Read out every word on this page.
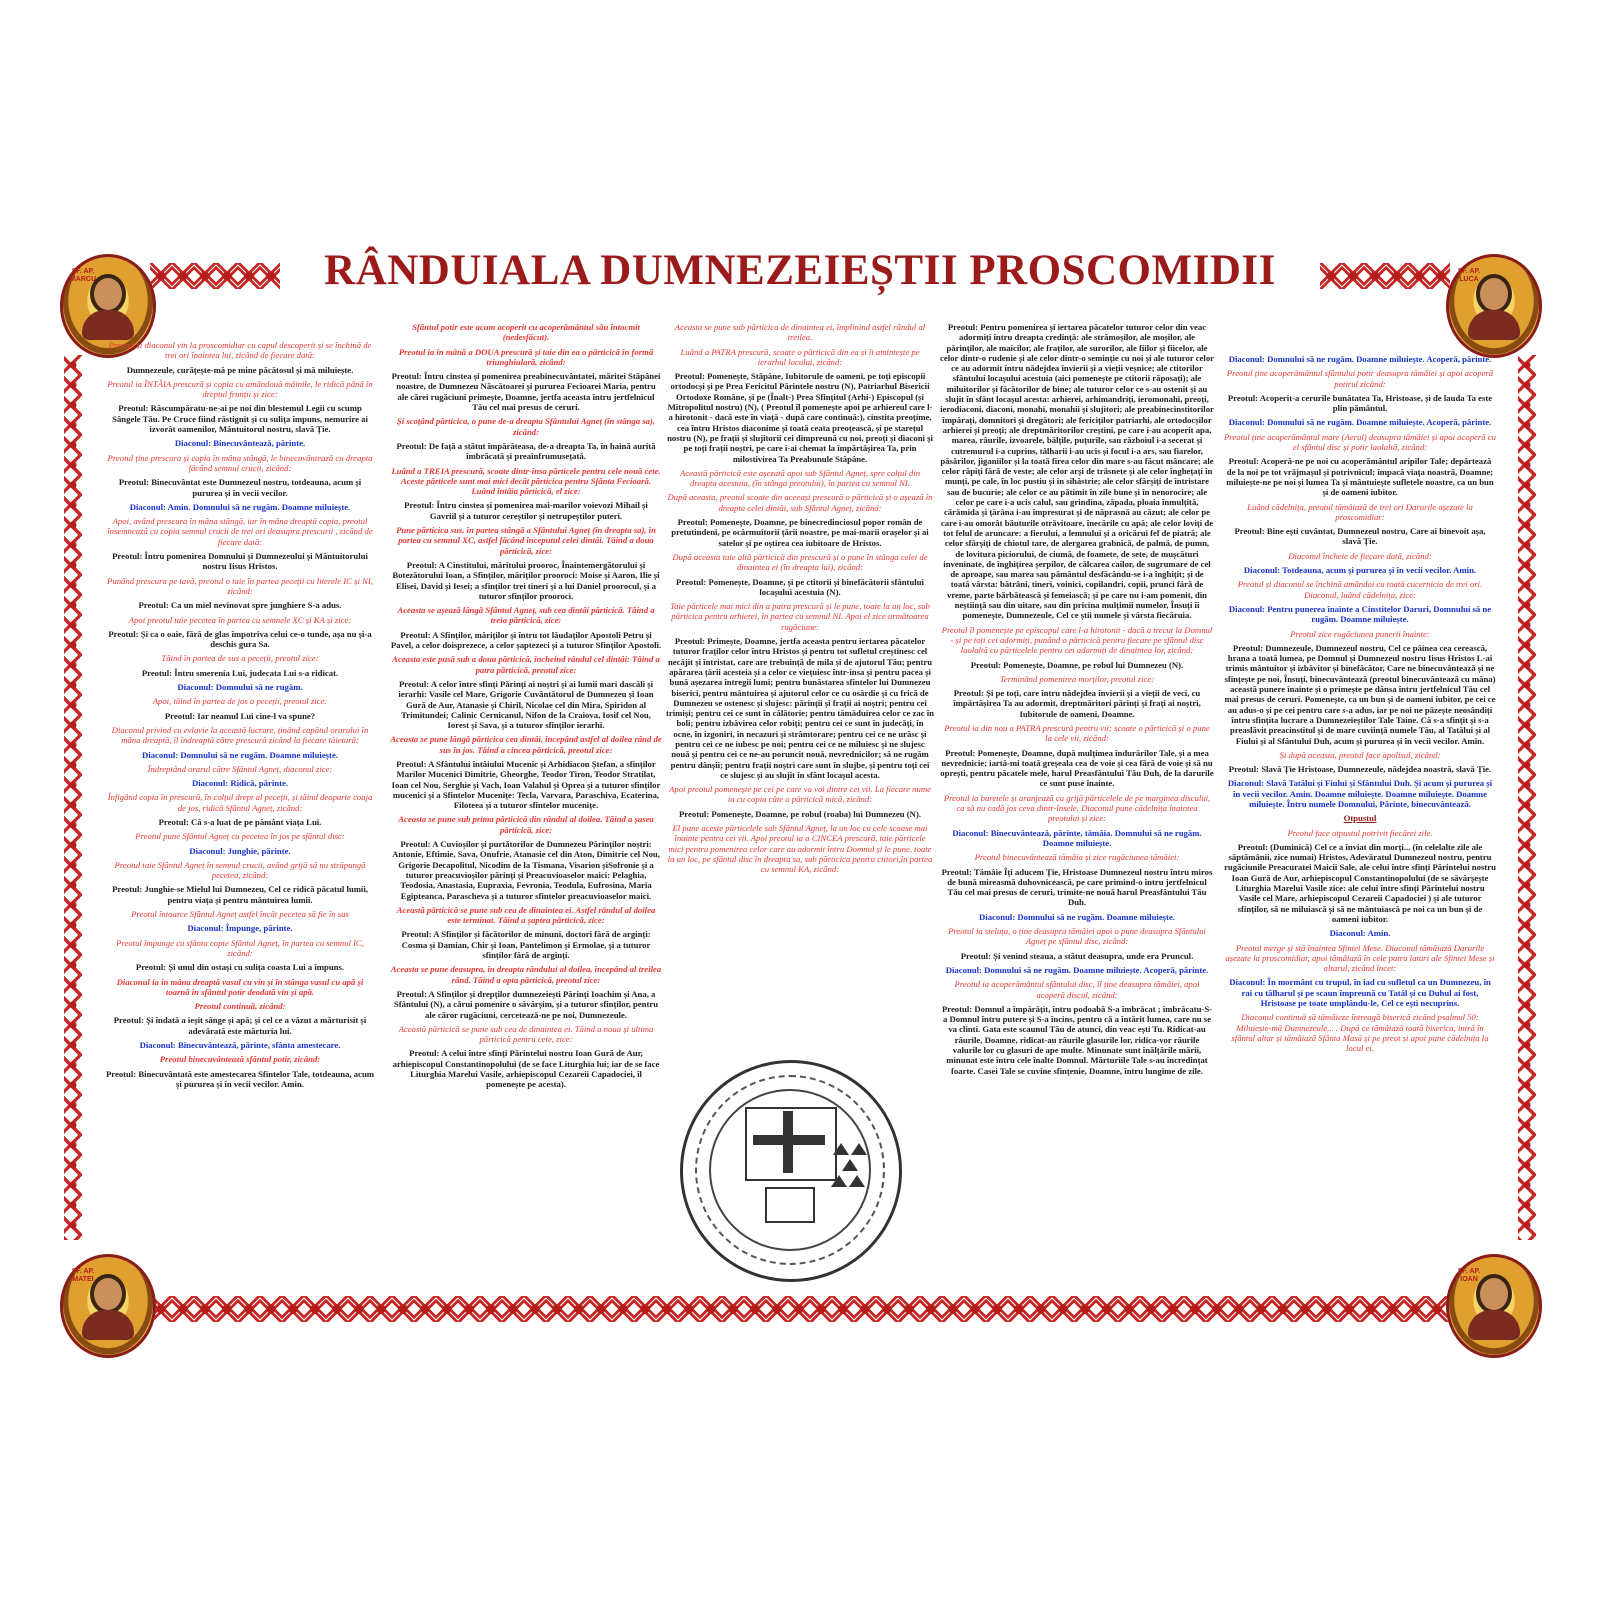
SF. AP. MARCU
SF. AP. LUCA
SF. AP. MATEI
SF. AP. IOAN
RÂNDUIALA DUMNEZEIEȘTII PROSCOMIDII

Preotul și diaconul vin la proscomidiar cu capul descoperit și se închină de trei ori înaintea lui, zicând de fiecare dată:

Dumnezeule, curățește-mă pe mine păcătosul și mă miluiește.

Preotul ia ÎNTÂIA prescură și copia cu amândouă mâinile, le ridică până în dreptul frunții și zice:

Preotul: Răscumpăratu-ne-ai pe noi din blestemul Legii cu scump Sângele Tău. Pe Cruce fiind răstignit și cu sulița împuns, nemurire ai izvorât oamenilor, Mântuitorul nostru, slavă Ție.

Diaconul: Binecuvântează, părinte.

Preotul ține prescura și copia în mâna stângă, le binecuvântează cu dreapta făcând semnul crucii, zicând:

Preotul: Binecuvântat este Dumnezeul nostru, totdeauna, acum și pururea și în vecii vecilor.

Diaconul: Amin. Domnului să ne rugăm. Doamne miluiește.

Apoi, având prescura în mâna stângă, iar în mâna dreaptă copia, preotul însemnează cu copia semnul crucii de trei ori deasupra prescurii , zicând de fiecare dată:

Preotul: Întru pomenirea Domnului și Dumnezeului și Mântuitorului nostru Iisus Hristos.

Punând prescura pe tavă, preotul o taie în partea peceții cu literele IC și NI, zicând:

Preotul: Ca un miel nevinovat spre junghiere S-a adus.

Apoi preotul taie pecetea în partea cu semnele XC și KA și zice:

Preotul: Și ca o oaie, fără de glas împotriva celui ce-o tunde, așa nu și-a deschis gura Sa.

Tăind în partea de sus a peceții, preotul zice:

Preotul: Întru smerenia Lui, judecata Lui s-a ridicat.

Diaconul: Domnului să ne rugăm.

Apoi, tăind în partea de jos a peceții, preotul zice:

Preotul: Iar neamul Lui cine-l va spune?

Diaconul privind cu evlavie la această lucrare, ținând capătul orarului în mâna dreaptă, îl îndreaptă către prescură zicând la fiecare tăietură:

Diaconul: Domnului să ne rugăm. Doamne miluiește.

Îndreptând orarul către Sfântul Agneț, diaconul zice:

Diaconul: Ridică, părinte.

Înfigând copia în prescură, în colțul drept al peceții, și tăind deoparte coaja de jos, ridică Sfântul Agneț, zicând:

Preotul: Că s-a luat de pe pământ viața Lui.

Preotul pune Sfântul Agneț cu pecetea în jos pe sfântul disc:

Diaconul: Junghie, părinte.

Preotul taie Sfântul Agneț în semnul crucii, având grijă să nu străpungă pecetea, zicând:

Preotul: Junghie-se Mielul lui Dumnezeu, Cel ce ridică păcatul lumii, pentru viața și pentru mântuirea lumii.

Preotul întoarce Sfântul Agneț astfel încât pecetea să fie în sus

Diaconul: Împunge, părinte.

Preotul împunge cu sfânta copie Sfântul Agneț, în partea cu semnul IC, zicând:

Preotul: Și unul din ostași cu sulița coasta Lui a împuns.

Diaconul ia în mâna dreaptă vasul cu vin și în stânga vasul cu apă și toarnă în sfântul potir deodată vin și apă.

Preotul continuă, zicând:

Preotul: Și îndată a ieșit sânge și apă; și cel ce a văzut a mărturisit și adevărată este mărturia lui.

Diaconul: Binecuvântează, părinte, sfânta amestecare.

Preotul binecuvântează sfântul potir, zicând:

Preotul: Binecuvântată este amestecarea Sfintelor Tale, totdeauna, acum și pururea și în vecii vecilor. Amin.

Sfântul potir este acum acoperit cu acoperământul său întocmit (nedesfăcut).

Preotul ia în mână a DOUA prescură și taie din ea o părticică în formă triunghiulară, zicând:

Preotul: Întru cinstea și pomenirea preabinecuvântatei, măritei Stăpânei noastre, de Dumnezeu Născătoarei și pururea Fecioarei Maria, pentru ale cărei rugăciuni primește, Doamne, jertfa aceasta întru jertfelnicul Tău cel mai presus de ceruri.

Și scoțând părticica, o pune de-a dreapta Sfântului Agneț (în stânga sa), zicând:

Preotul: De față a stătut împărăteasa, de-a dreapta Ta, în haină aurită îmbrăcată și preaînfrumusețată.

Luând a TREIA prescură, scoate dintr-însa părticele pentru cele nouă cete. Aceste părticele sunt mai mici decât părticica pentru Sfânta Fecioară. Luând întâia părticică, el zice:

Preotul: Întru cinstea și pomenirea mai-marilor voievozi Mihail și Gavriil și a tuturor cereștilor și netrupeștilor puteri.

Pune părticica sus, în partea stângă a Sfântului Agneț (în dreapta sa), în partea cu semnul XC, astfel făcând începutul celei dintâi. Tăind a doua părticică, zice:

Preotul: A Cinstitului, măritului prooroc, Înaintemergătorului și Botezătorului Ioan, a Sfinților, măriților prooroci: Moise și Aaron, Ilie și Elisei, David și Iesei; a sfinților trei tineri și a lui Daniel proorocul, și a tuturor sfinților prooroci.

Aceasta se așează lângă Sfântul Agneț, sub cea dintâi părticică. Tăind a treia părticică, zice:

Preotul: A Sfinților, măriților și întru tot lăudaților Apostoli Petru și Pavel, a celor doisprezece, a celor șaptezeci și a tuturor Sfinților Apostoli.

Aceasta este pusă sub a doua părticică, încheind rândul cel dintâi: Tăind a patra părticică, preotul zice:

Preotul: A celor între sfinți Părinți ai noștri și ai lumii mari dascăli și ierarhi: Vasile cel Mare, Grigorie Cuvântătorul de Dumnezeu și Ioan Gură de Aur, Atanasie și Chiril, Nicolae cel din Mira, Spiridon al Trimitundei; Calinic Cernicanul, Nifon de la Craiova, Iosif cel Nou, Iorest și Sava, și a tuturor sfinților ierarhi.

Aceasta se pune lângă părticica cea dintâi, începând astfel al doilea rând de sus în jos. Tăind a cincea părticică, preotul zice:

Preotul: A Sfântului întâiului Mucenic și Arhidiacon Ștefan, a sfinților Marilor Mucenici Dimitrie, Gheorghe, Teodor Tiron, Teodor Stratilat, Ioan cel Nou, Serghie și Vach, Ioan Valahul și Oprea și a tuturor sfinților mucenici și a Sfintelor Mucenițe: Tecla, Varvara, Paraschiva, Ecaterina, Filoteea și a tuturor sfintelor mucenițe.

Aceasta se pune sub prima părticică din rândul al doilea. Tăind a șasea părticică, zice:

Preotul: A Cuvioșilor și purtătorilor de Dumnezeu Părinților noștri: Antonie, Eftimie, Sava, Onufrie, Atanasie cel din Aton, Dimitrie cel Nou, Grigorie Decapolitul, Nicodim de la Tismana, Visarion șiSofronie și a tuturor preacuvioșilor părinți și Preacuvioaselor maici: Pelaghia, Teodosia, Anastasia, Eupraxia, Fevronia, Teodula, Eufrosina, Maria Egipteanca, Parascheva și a tuturor sfintelor preacuvioaselor maici.

Această părticică se pune sub cea de dinaintea ei. Astfel rândul al doilea este terminat. Tăind a șaptea părticică, zice:

Preotul: A Sfinților și făcătorilor de minuni, doctori fără de arginți: Cosma și Damian, Chir și Ioan, Pantelimon și Ermolae, și a tuturor sfinților fără de arginți.

Aceasta se pune deasupra, în dreapta rândului al doilea, începând al treilea rând. Tăind a opta părticică, preotul zice:

Preotul: A Sfinților și drepților dumnezeiești Părinți Ioachim și Ana, a Sfântului (N), a cărui pomenire o săvârșim, și a tuturor sfinților, pentru ale căror rugăciuni, cercetează-ne pe noi, Dumnezeule.

Această părticică se pune sub cea de dinaintea ei. Tăind a noua și ultima părticică pentru cete, zice:

Preotul: A celui între sfinți Părintelui nostru Ioan Gură de Aur, arhiepiscopul Constantinopolului (de se face Liturghia lui; iar de se face Liturghia Marelui Vasile, arhiepiscopul Cezareii Capadociei, îl pomenește pe acesta).

Aceasta se pune sub părticica de dinaintea ei, împlinind astfel rândul al treilea.

Luând a PATRA prescură, scoate o părticică din ea și îi amintește pe ierarhul locului, zicând:

Preotul: Pomenește, Stăpâne, Iubitorule de oameni, pe toți episcopii ortodocși și pe Prea Fericitul Părintele nostru (N), Patriarhul Bisericii Ortodoxe Române, și pe (Înalt-) Prea Sfințitul (Arhi-) Episcopul (și Mitropolitul nostru) (N), ( Preotul îl pomenește apoi pe arhiereul care l-a hirotonit - dacă este în viață - după care continuă:), cinstita preoțime, cea întru Hristos diaconime și toată ceata preoțească, și pe starețul nostru (N), pe frații și slujitorii cei dimpreună cu noi, preoți și diaconi și pe toți frații noștri, pe care i-ai chemat la împărtășirea Ta, prin milostivirea Ta Preabunule Stăpâne.

Această părticică este așezată apoi sub Sfântul Agneț, spre colțul din dreapta acestuia, (în stânga preotului), în partea cu semnul NI.

După aceasta, preotul scoate din aceeași prescură o părticică și o așează în dreapta celei dintâi, sub Sfântul Agneț, zicând:

Preotul: Pomenește, Doamne, pe binecredinciosul popor român de pretutindeni, pe ocârmuitorii țării noastre, pe mai-marii orașelor și ai satelor și pe oștirea cea iubitoare de Hristos.

După aceasta taie altă părticică din prescură și o pune în stânga celei de dinaintea ei (în dreapta lui), zicând:

Preotul: Pomenește, Doamne, și pe ctitorii și binefăcătorii sfântului locașului acestuia (N).

Taie părticele mai mici din a patra prescură și le pune, toate la un loc, sub părticica pentru arhierei, în partea cu semnul NI. Apoi el zice următoarea rugăciune:

Preotul: Primește, Doamne, jertfa aceasta pentru iertarea păcatelor tuturor fraților celor întru Hristos și pentru tot sufletul creștinesc cel necăjit și întristat, care are trebuință de mila și de ajutorul Tău; pentru apărarea țării acesteia și a celor ce viețuiesc într-însa și pentru pacea și bună așezarea întregii lumi; pentru bunăstarea sfintelor lui Dumnezeu biserici, pentru mântuirea și ajutorul celor ce cu osârdie și cu frică de Dumnezeu se ostenesc și slujesc: părinții și frații ai noștri; pentru cei trimiși; pentru cei ce sunt în călătorie; pentru tămăduirea celor ce zac în boli; pentru izbăvirea celor robiți; pentru cei ce sunt în judecăți, în ocne, în izgoniri, în necazuri și strâmtorare; pentru cei ce ne urăsc și pentru cei ce ne iubesc pe noi; pentru cei ce ne miluiesc și ne slujesc nouă și pentru cei ce ne-au poruncit nouă, nevrednicilor; să ne rugăm pentru dânșii; pentru frații noștri care sunt în slujbe, și pentru toți cei ce slujesc și au slujit în sfânt locașul acesta.

Apoi preotul pomenește pe cei pe care va voi dintre cei vii. La fiecare nume ia cu copia câte o părticică mică, zicând:

Preotul: Pomenește, Doamne, pe robul (roaba) lui Dumnezeu (N).

El pune aceste părticelele sub Sfântul Agneț, la un loc cu cele scoase mai înainte pentru cei vii. Apoi preotul ia a CINCEA prescură, taie părticele mici pentru pomenirea celor care au adormit întru Domnul și le pune, toate la un loc, pe sfântul disc în dreapta sa, sub părticica pentru ctitori,în partea cu semnul KA, zicând:

Preotul: Pentru pomenirea și iertarea păcatelor tuturor celor din veac adormiți întru dreapta credință: ale strămoșilor, ale moșilor, ale părinților, ale maicilor, ale fraților, ale surorilor, ale fiilor și fiicelor, ale celor dintr-o rudenie și ale celor dintr-o seminție cu noi și ale tuturor celor ce au adormit întru nădejdea învierii și a vieții veșnice; ale ctitorilor sfântului locașului acestuia (aici pomenește pe ctitorii răposați); ale miluitorilor și făcătorilor de bine; ale tuturor celor ce s-au ostenit și au slujit în sfânt locașul acesta: arhierei, arhimandriți, ieromonahi, preoți, ierodiaconi, diaconi, monahi, monahii și slujitori; ale preabinecinstitorilor împărați, domnitori și dregători; ale fericiților patriarhi, ale ortodocșilor arhierei și preoți; ale dreptmăritorilor creștini, pe care i-au acoperit apa, marea, râurile, izvoarele, bălțile, puțurile, sau războiul i-a secerat și cutremurul i-a cuprins, tâlharii i-au ucis și focul i-a ars, sau fiarelor, păsărilor, jiganiilor și la toată firea celor din mare s-au făcut mâncare; ale celor răpiți fără de veste; ale celor arși de trăsnete și ale celor înghețați în munți, pe cale, în loc pustiu și în sihăstrie; ale celor sfârșiți de întristare sau de bucurie; ale celor ce au pătimit în zile bune și în nenorocire; ale celor pe care i-a ucis calul, sau grindina, zăpada, ploaia înmulțită, cărămida și țărâna i-au împresurat și de năprasnă au căzut; ale celor pe care i-au omorât băuturile otrăvitoare, înecările cu apă; ale celor loviți de tot felul de aruncare: a fierului, a lemnului și a oricărui fel de piatră; ale celor sfârșiți de chiotul tare, de alergarea grabnică, de palmă, de pumn, de lovitura piciorului, de ciumă, de foamete, de sete, de mușcături inveninate, de înghițirea șerpilor, de călcarea cailor, de sugrumare de cel de aproape, sau marea sau pământul desfăcându-se i-a înghițit; și de toată vârsta: bătrâni, tineri, voinici, copilandri, copii, prunci fără de vreme, parte bărbătească și femeiască; și pe care nu i-am pomenit, din neștiință sau din uitare, sau din pricina mulțimii numelor, Însuți îi pomenește, Dumnezeule, Cel ce știi numele și vârsta fiecăruia.

Preotul îl pomenește pe episcopul care l-a hirotonit - dacă a trecut la Domnul - și pe toți cei adormiți, punând o părticică pentru fiecare pe sfântul disc laolaltă cu părticelele pentru cei adormiți de dinaintea lor, zicând:

Preotul: Pomenește, Doamne, pe robul lui Dumnezeu (N).

Terminând pomenirea morților, preotul zice:

Preotul: Și pe toți, care întru nădejdea învierii și a vieții de veci, cu împărtășirea Ta au adormit, dreptmăritori părinți și frați ai noștri, Iubitorule de oameni, Doamne.

Preotul ia din nou a PATRA prescură pentru vii; scoate o părticică și o pune la cele vii, zicând:

Preotul: Pomenește, Doamne, după mulțimea îndurărilor Tale, și a mea nevrednicie; iartă-mi toată greșeala cea de voie și cea fără de voie și să nu oprești, pentru păcatele mele, harul Preasfântului Tău Duh, de la darurile ce sunt puse înainte.

Preotul ia buretele și aranjează cu grijă părticelele de pe marginea discului, ca să nu cadă jos ceva dintr-însele. Diaconul pune cădelnița înaintea preotului și zice:

Diaconul: Binecuvântează, părinte, tămâia. Domnului să ne rugăm. Doamne miluiește.

Preotul binecuvântează tămâia și zice rugăciunea tămâiei:

Preotul: Tămâie Îți aducem Ție, Hristoase Dumnezeul nostru întru miros de bună mireasmă duhovnicească, pe care primind-o întru jertfelnicul Tău cel mai presus de ceruri, trimite-ne nouă harul Preasfântului Tău Duh.

Diaconul: Domnului să ne rugăm. Doamne miluiește.

Preotul ia steluța, o ține deasupra tămâiei apoi o pune deasupra Sfântului Agneț pe sfântul disc, zicând:

Preotul: Și venind steaua, a stătut deasupra, unde era Pruncul.

Diaconul: Domnului să ne rugăm. Doamne miluiește. Acoperă, părinte.

Preotul ia acoperământul sfântului disc, îl ține deasupra tămâiei, apoi acoperă discul, zicând:

Preotul: Domnul a împărățit, întru podoabă S-a îmbrăcat ; îmbrăcatu-S-a Domnul întru putere și S-a încins, pentru că a întărit lumea, care nu se va clinti. Gata este scaunul Tău de atunci, din veac ești Tu. Ridicat-au râurile, Doamne, ridicat-au râurile glasurile lor, ridica-vor râurile valurile lor cu glasuri de ape multe. Minunate sunt înălțările mării, minunat este întru cele înalte Domnul. Mărturiile Tale s-au încredințat foarte. Casei Tale se cuvine sfințenie, Doamne, întru lungime de zile.

Diaconul: Domnului să ne rugăm. Doamne miluiește. Acoperă, părinte.

Preotul ține acoperământul sfântului potir deasupra tămâiei și apoi acoperă potirul zicând:

Preotul: Acoperit-a cerurile bunătatea Ta, Hristoase, și de lauda Ta este plin pământul.

Diaconul: Domnului să ne rugăm. Doamne miluiește. Acoperă, părinte.

Preotul ține acoperământul mare (Aerul) deasupra tămâiei și apoi acoperă cu el sfântul disc și potir laolaltă, zicând:

Preotul: Acoperă-ne pe noi cu acoperământul aripilor Tale; depărtează de la noi pe tot vrăjmașul și potrivnicul; împacă viața noastră, Doamne; miluiește-ne pe noi și lumea Ta și mântuiește sufletele noastre, ca un bun și de oameni iubitor.

Luând cădelnița, preotul tămâiază de trei ori Darurile așezate la proscomidiar:

Preotul: Bine ești cuvântat, Dumnezeul nostru, Care ai binevoit așa, slavă Ție.

Diaconul încheie de fiecare dată, zicând:

Diaconul: Totdeauna, acum și pururea și în vecii vecilor. Amin.

Preotul și diaconul se închină amândoi cu toată cucernicia de trei ori. Diaconul, luând cădelnița, zice:

Diaconul: Pentru punerea înainte a Cinstitelor Daruri, Domnului să ne rugăm. Doamne miluiește.

Preotul zice rugăciunea punerii înainte:

Preotul: Dumnezeule, Dumnezeul nostru, Cel ce pâinea cea cerească, hrana a toată lumea, pe Domnul și Dumnezeul nostru Iisus Hristos L-ai trimis mântuitor și izbăvitor și binefăcător, Care ne binecuvântează și ne sfințește pe noi, Însuți, binecuvântează (preotul binecuvântează cu mâna) această punere înainte și o primește pe dânsa întru jertfelnicul Tău cel mai presus de ceruri. Pomenește, ca un bun și de oameni iubitor, pe cei ce au adus-o și pe cei pentru care s-a adus, iar pe noi ne păzește neosândiți întru sfințita lucrare a Dumnezeieștilor Tale Taine. Că s-a sfințit și s-a preaslăvit preacinstitul și de mare cuviință numele Tău, al Tatălui și al Fiului și al Sfântului Duh, acum și pururea și în vecii vecilor. Amin.

Și după aceasta, preotul face apolisul, zicând:

Preotul: Slavă Ție Hristoase, Dumnezeule, nădejdea noastră, slavă Ție.

Diaconul: Slavă Tatălui și Fiului și Sfântului Duh. Și acum și pururea și în vecii vecilor. Amin. Doamne miluiește. Doamne miluiește. Doamne miluiește. Întru numele Domnului, Părinte, binecuvântează.

Otpustul

Preotul face otpustul potrivit fiecărei zile.

Preotul: (Duminică) Cel ce a înviat din morți... (în celelalte zile ale săptămânii, zice numai) Hristos, Adevăratul Dumnezeul nostru, pentru rugăciunile Preacuratei Maicii Sale, ale celui între sfinți Părintelui nostru Ioan Gură de Aur, arhiepiscopul Constantinopolului (de se săvârșește Liturghia Marelui Vasile zice: ale celui între sfinți Părintelui nostru Vasile cel Mare, arhiepiscopul Cezareii Capadociei ) și ale tuturor sfinților, să ne miluiască și să ne mântuiască pe noi ca un bun și de oameni iubitor.

Diaconul: Amin.

Preotul merge și stă înaintea Sfintei Mese. Diaconul tămâiază Darurile așezate la proscomidiar, apoi tămâiază în cele patru laturi ale Sfintei Mese și altarul, zicând încet:

Diaconul: În mormânt cu trupul, în iad cu sufletul ca un Dumnezeu, în rai cu tâlharul și pe scaun împreună cu Tatăl și cu Duhul ai fost, Hristoase pe toate umplându-le, Cel ce ești necuprins.

Diaconul continuă să tămâieze întreagă biserică zicând psalmul 50: Miluiește-mă Dumnezeule... . După ce tămâiază toată biserica, intră în sfântul altar și tămâiază Sfânta Masă și pe preot și apoi pune cădelnița la locul ei.
